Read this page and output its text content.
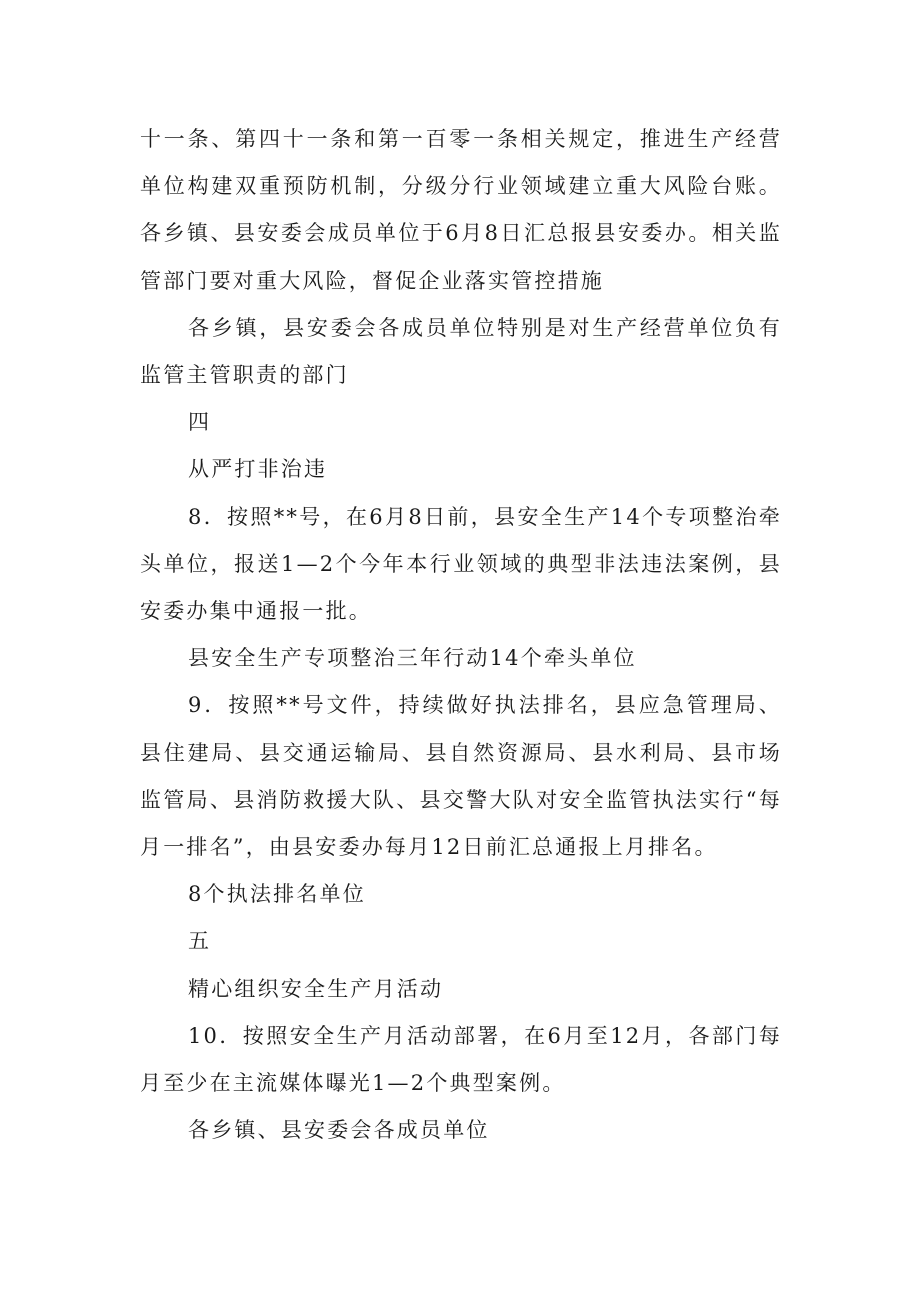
十一条、第四十一条和第一百零一条相关规定，推进生产经营单位构建双重预防机制，分级分行业领域建立重大风险台账。各乡镇、县安委会成员单位于6月8日汇总报县安委办。相关监管部门要对重大风险，督促企业落实管控措施

各乡镇，县安委会各成员单位特别是对生产经营单位负有监管主管职责的部门

四

从严打非治违

8．按照**号，在6月8日前，县安全生产14个专项整治牵头单位，报送1—2个今年本行业领域的典型非法违法案例，县安委办集中通报一批。

县安全生产专项整治三年行动14个牵头单位

9．按照**号文件，持续做好执法排名，县应急管理局、县住建局、县交通运输局、县自然资源局、县水利局、县市场监管局、县消防救援大队、县交警大队对安全监管执法实行“每月一排名”，由县安委办每月12日前汇总通报上月排名。

8个执法排名单位

五

精心组织安全生产月活动

10．按照安全生产月活动部署，在6月至12月，各部门每月至少在主流媒体曝光1—2个典型案例。

各乡镇、县安委会各成员单位
